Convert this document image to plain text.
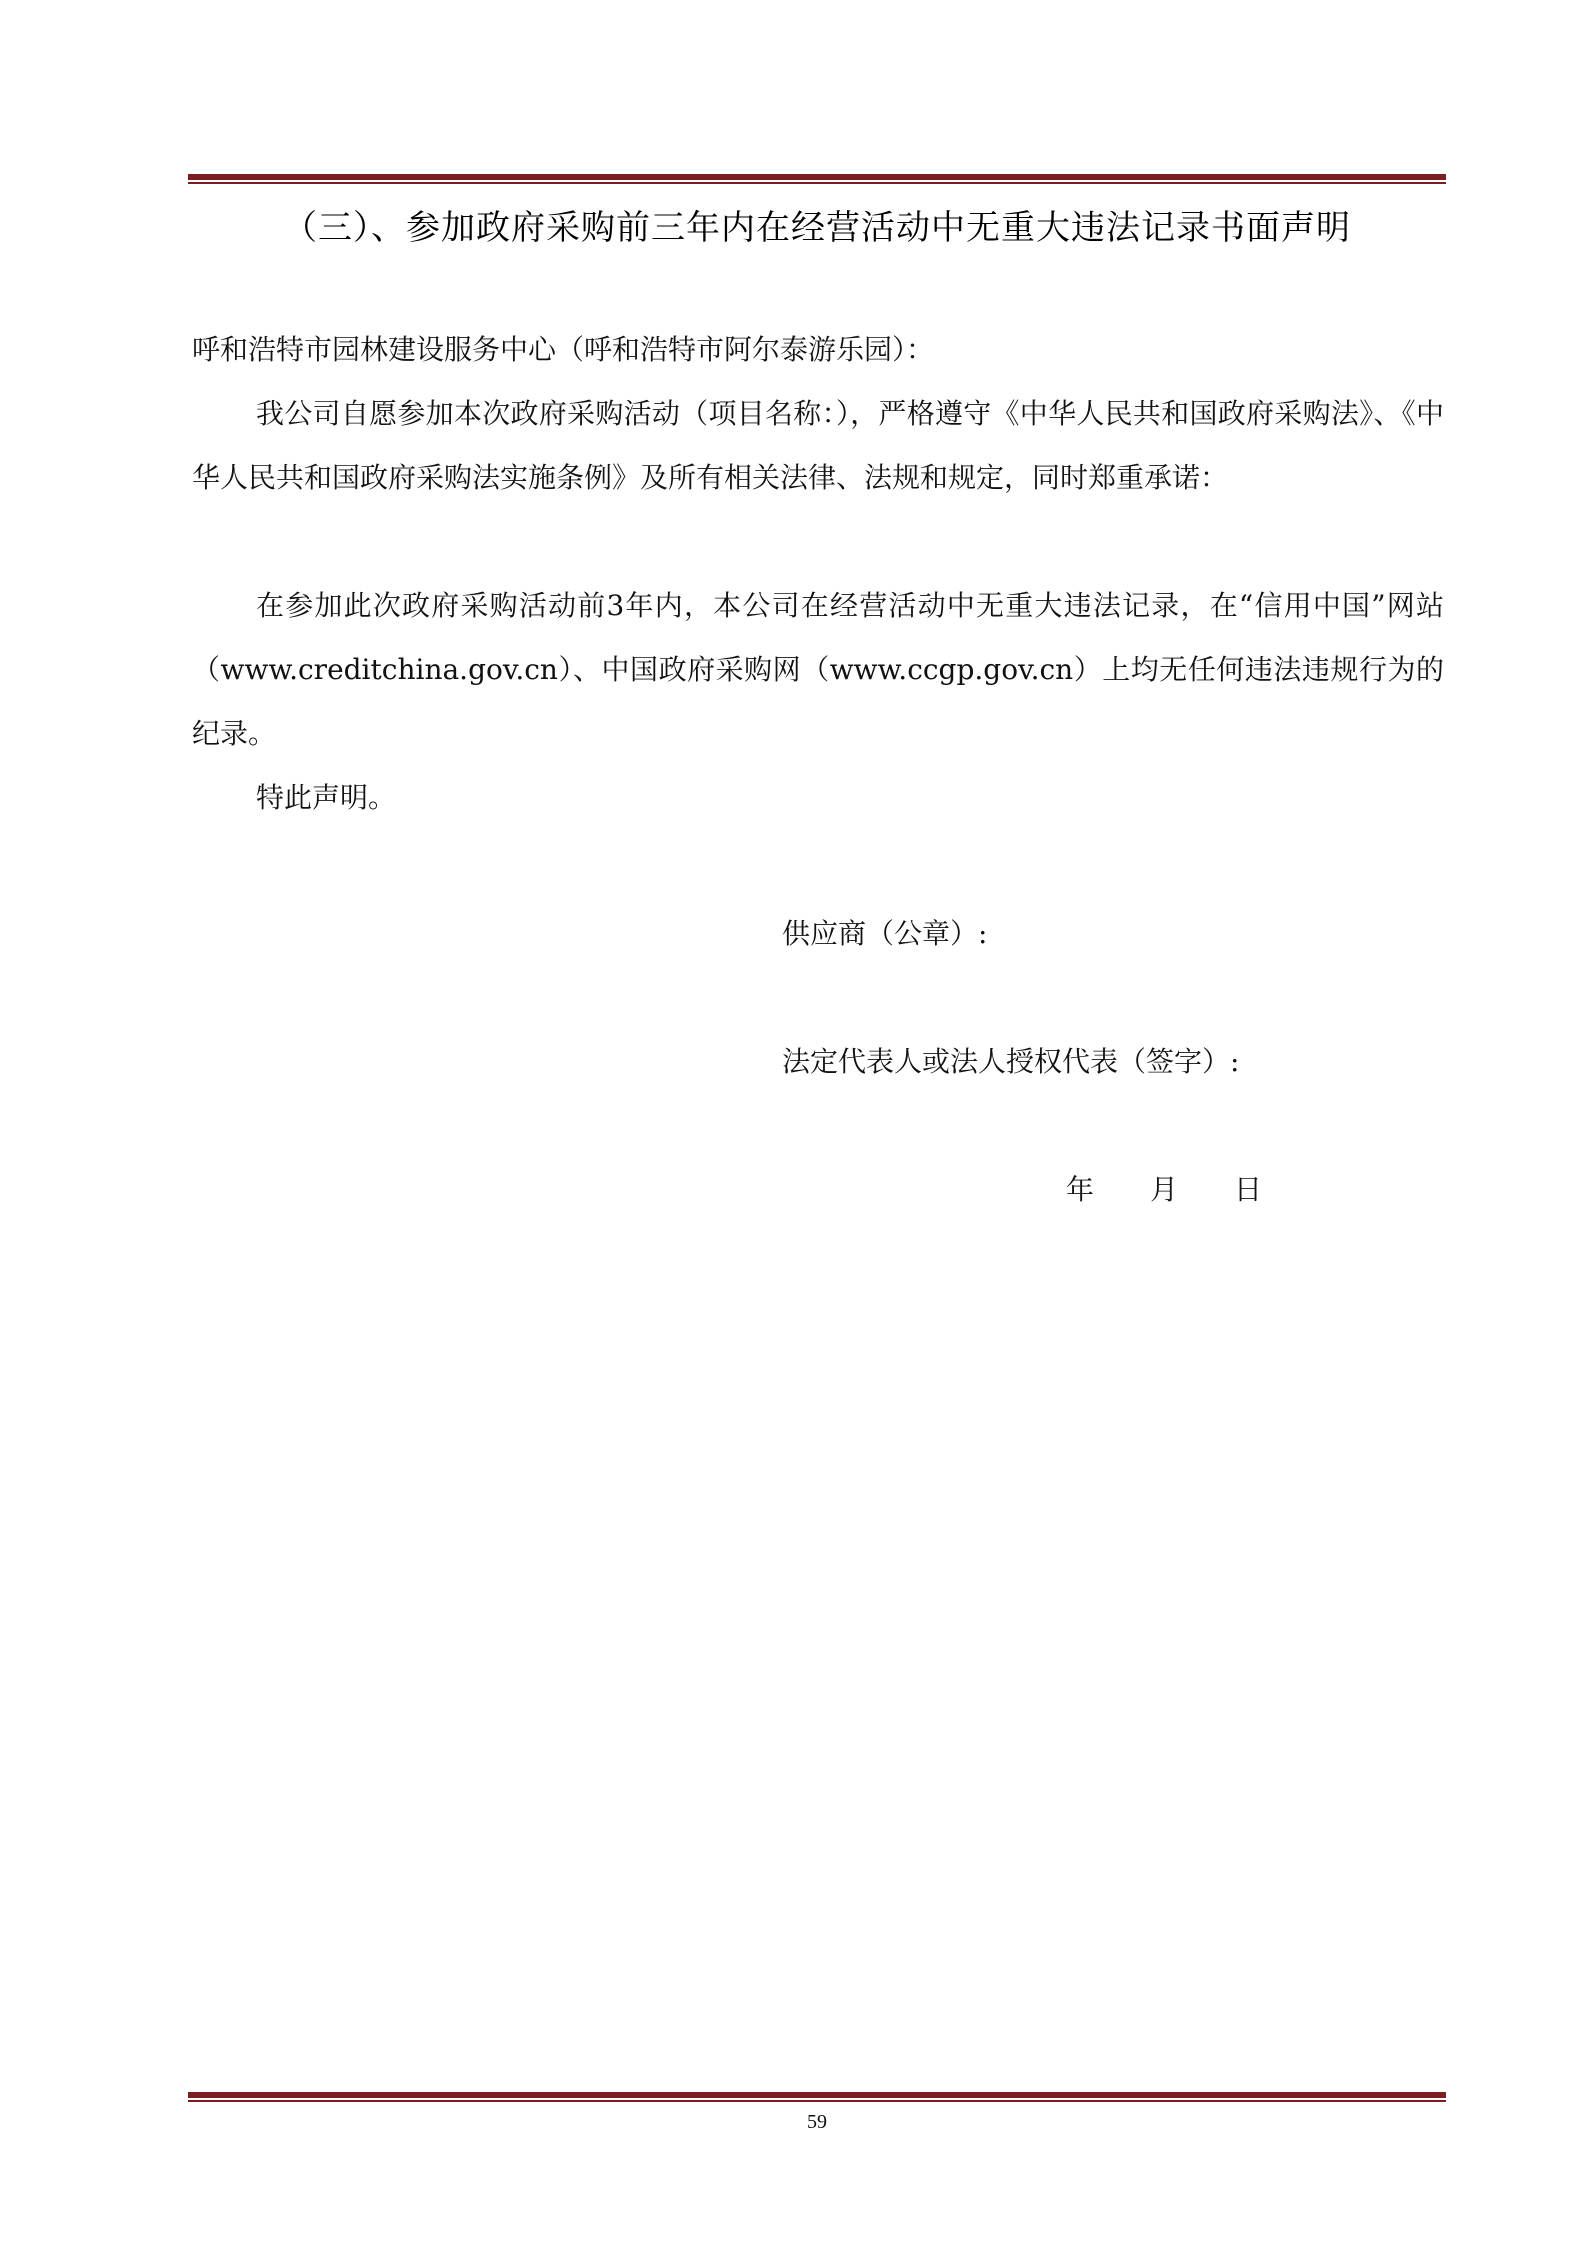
（三）、参加政府采购前三年内在经营活动中无重大违法记录书面声明
呼和浩特市园林建设服务中心（呼和浩特市阿尔泰游乐园）：
我公司自愿参加本次政府采购活动（项目名称：），严格遵守《中华人民共和国政府采购法》、《中华人民共和国政府采购法实施条例》及所有相关法律、法规和规定，同时郑重承诺：
在参加此次政府采购活动前3年内，本公司在经营活动中无重大违法记录，在“信用中国”网站（www.creditchina.gov.cn）、中国政府采购网（www.ccgp.gov.cn）上均无任何违法违规行为的纪录。
特此声明。
供应商（公章）:
法定代表人或法人授权代表（签字）:
年 月 日
59
